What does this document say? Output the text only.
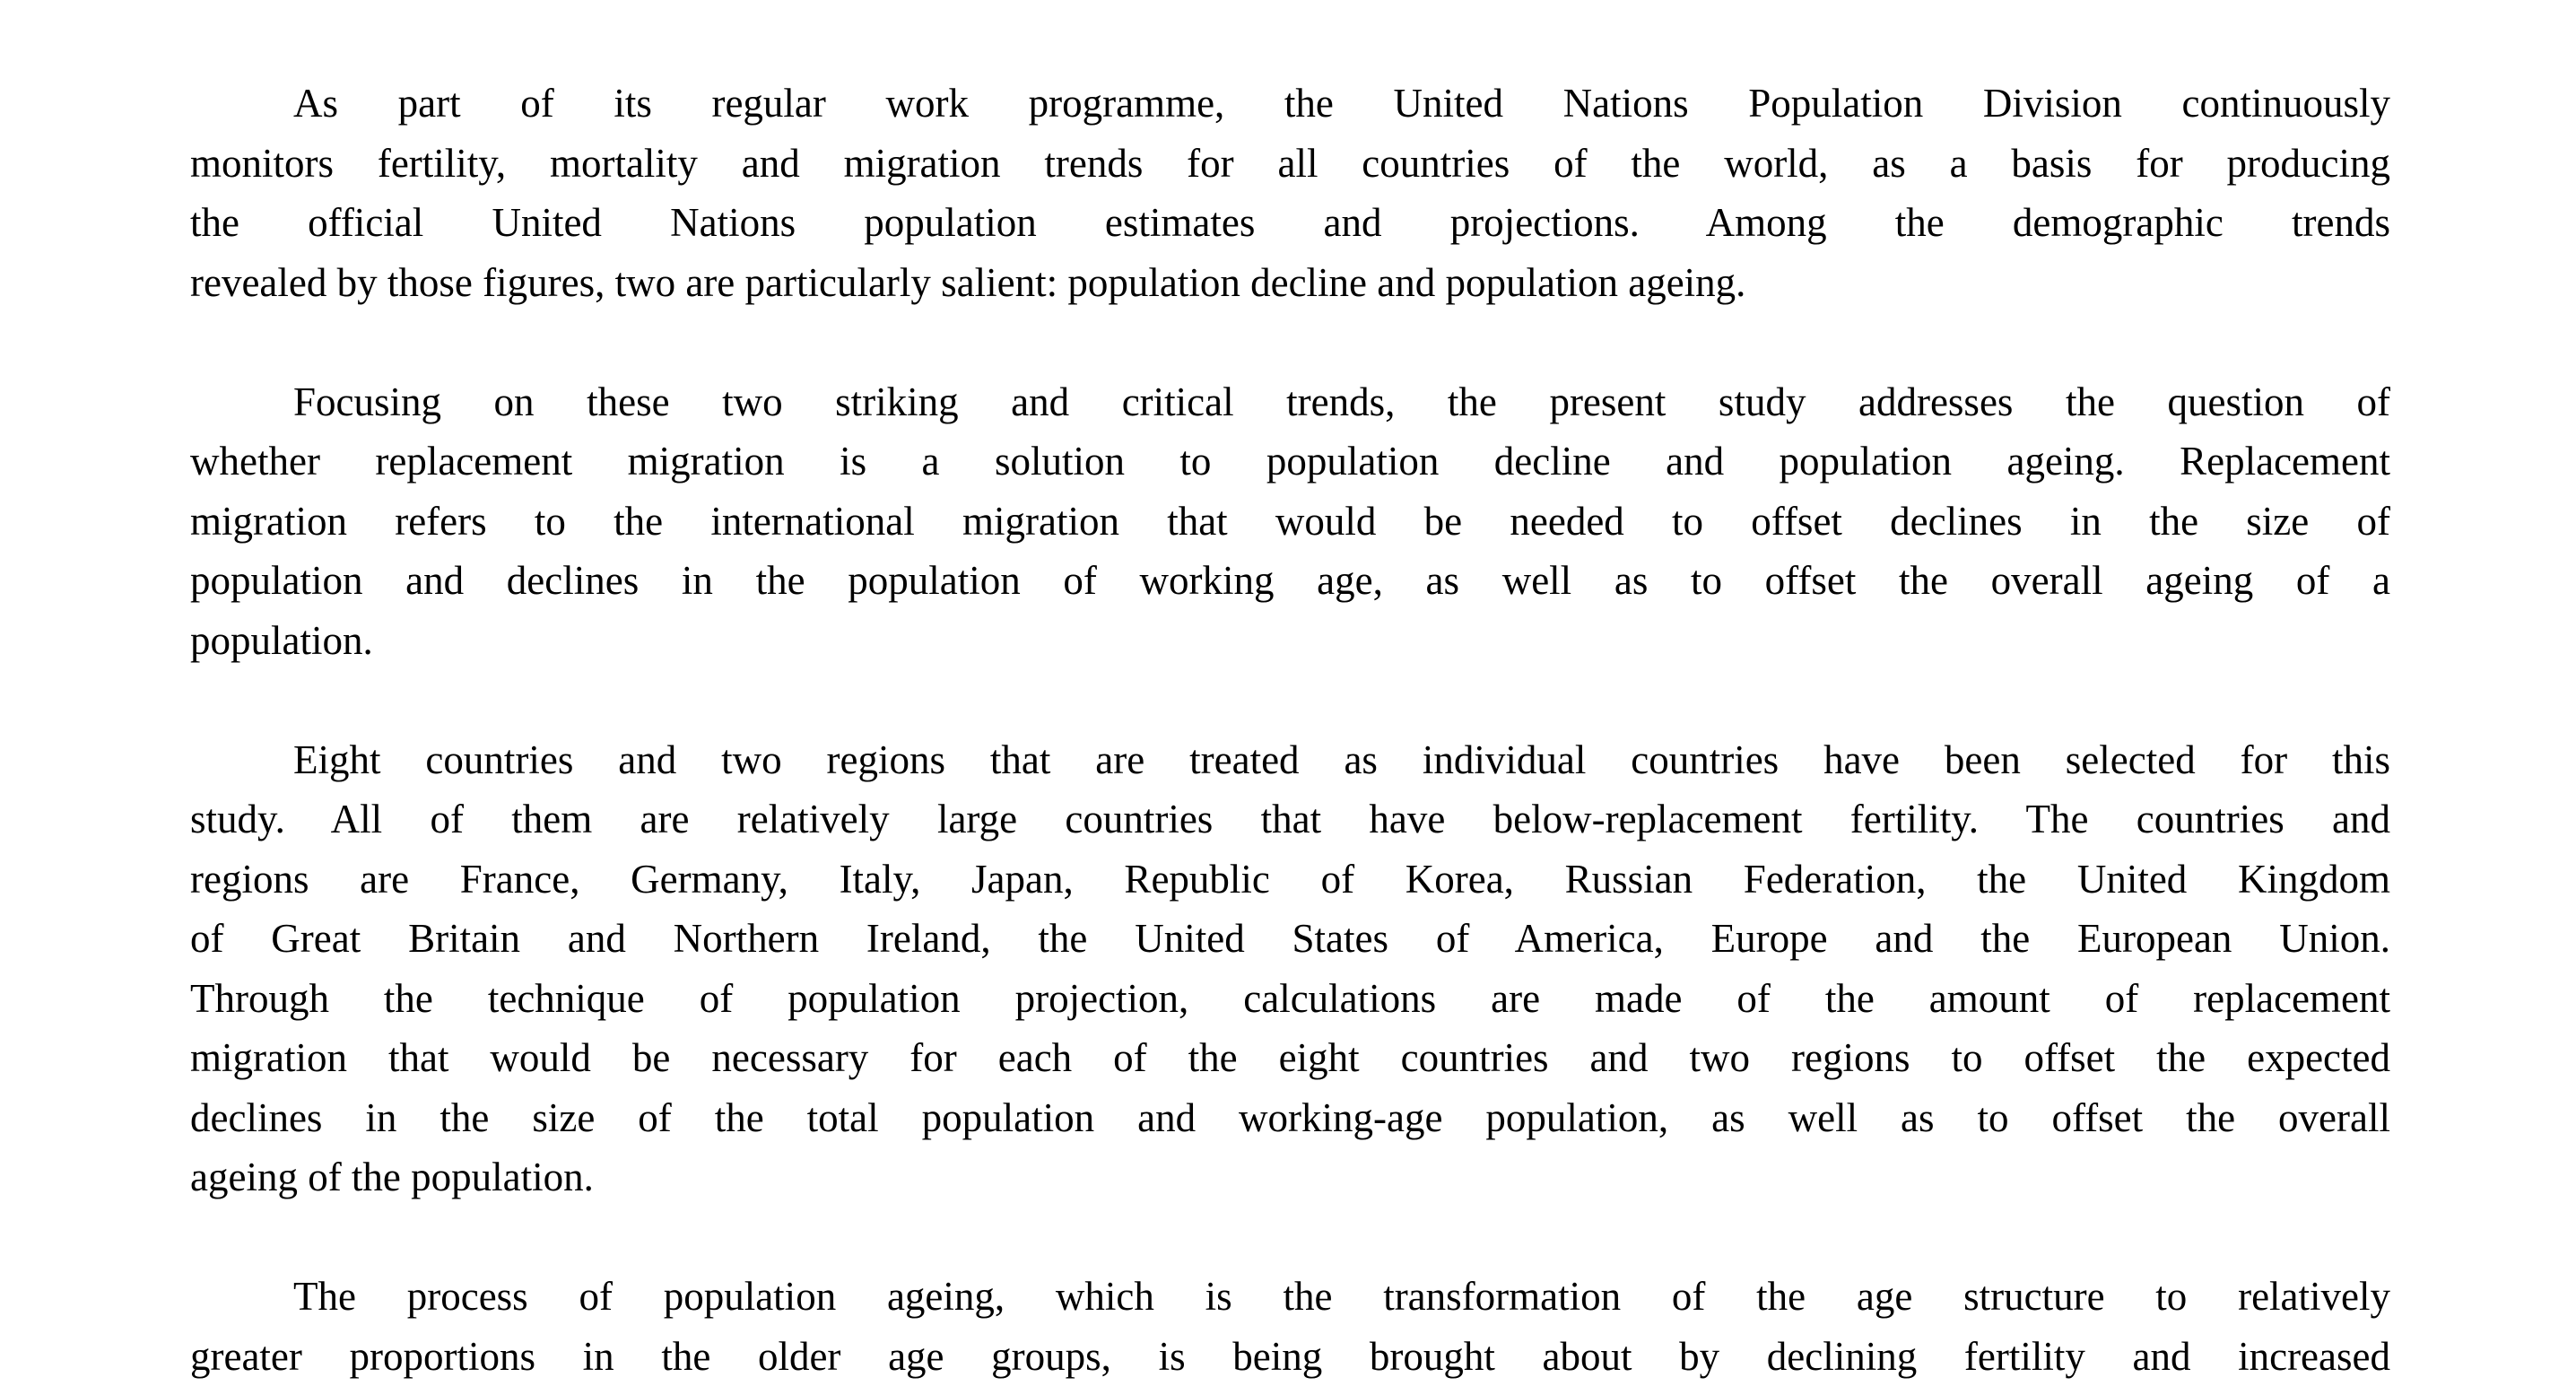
As part of its regular work programme, the United Nations Population Division continuously
monitors fertility, mortality and migration trends for all countries of the world, as a basis for producing
the official United Nations population estimates and projections. Among the demographic trends
revealed by those figures, two are particularly salient: population decline and population ageing.
Focusing on these two striking and critical trends, the present study addresses the question of
whether replacement migration is a solution to population decline and population ageing. Replacement
migration refers to the international migration that would be needed to offset declines in the size of
population and declines in the population of working age, as well as to offset the overall ageing of a
population.
Eight countries and two regions that are treated as individual countries have been selected for this
study. All of them are relatively large countries that have below-replacement fertility. The countries and
regions are France, Germany, Italy, Japan, Republic of Korea, Russian Federation, the United Kingdom
of Great Britain and Northern Ireland, the United States of America, Europe and the European Union.
Through the technique of population projection, calculations are made of the amount of replacement
migration that would be necessary for each of the eight countries and two regions to offset the expected
declines in the size of the total population and working-age population, as well as to offset the overall
ageing of the population.
The process of population ageing, which is the transformation of the age structure to relatively
greater proportions in the older age groups, is being brought about by declining fertility and increased
